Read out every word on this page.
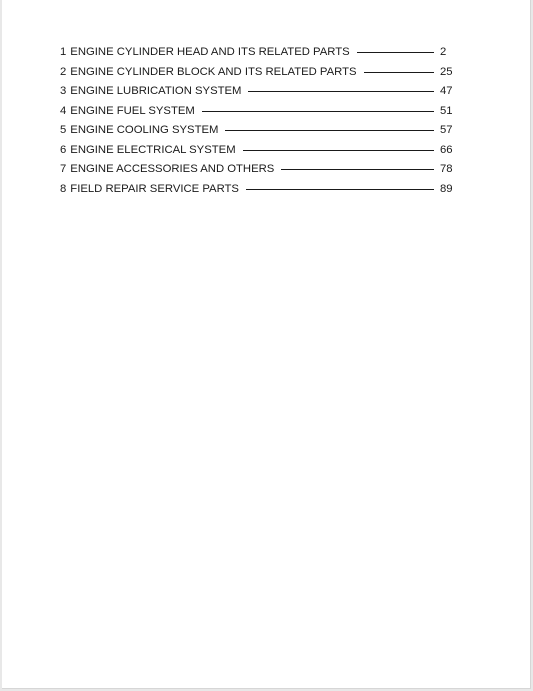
1 ENGINE CYLINDER HEAD AND ITS RELATED PARTS	2
2 ENGINE CYLINDER BLOCK AND ITS RELATED PARTS	25
3 ENGINE LUBRICATION SYSTEM	47
4 ENGINE FUEL SYSTEM	51
5 ENGINE COOLING SYSTEM	57
6 ENGINE ELECTRICAL SYSTEM	66
7 ENGINE ACCESSORIES AND OTHERS	78
8 FIELD REPAIR SERVICE PARTS	89
